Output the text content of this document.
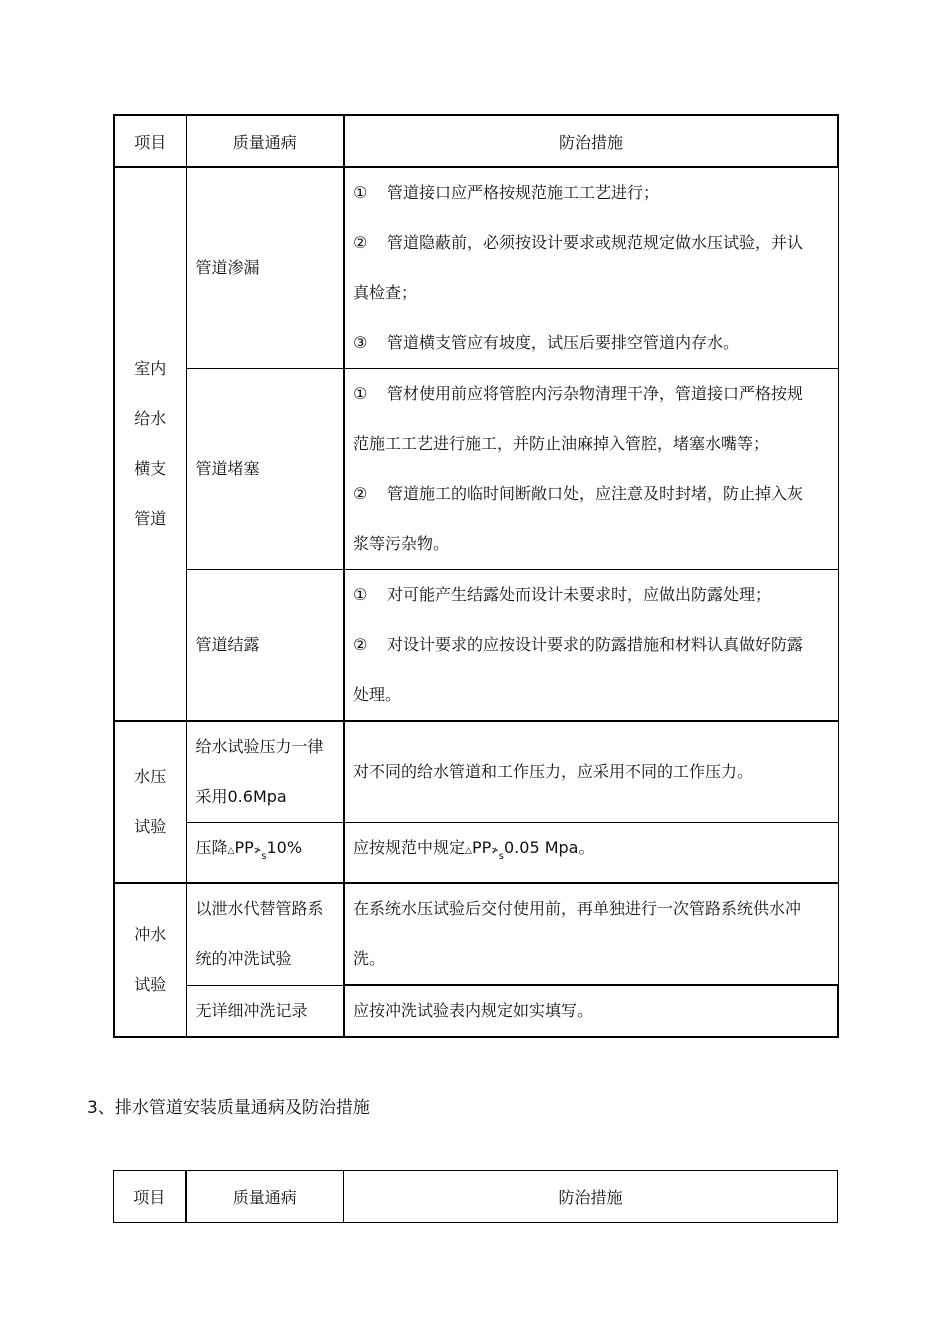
项目	质量通病	防治措施

室内
给水
横支
管道	管道渗漏	① 管道接口应严格按规范施工工艺进行；
② 管道隐蔽前，必须按设计要求或规范规定做水压试验，并认
真检查；
③ 管道横支管应有坡度，试压后要排空管道内存水。

	管道堵塞	① 管材使用前应将管腔内污杂物清理干净，管道接口严格按规
范施工工艺进行施工，并防止油麻掉入管腔，堵塞水嘴等；
② 管道施工的临时间断敞口处，应注意及时封堵，防止掉入灰
浆等污杂物。

	管道结露	① 对可能产生结露处而设计未要求时，应做出防露处理；
② 对设计要求的应按设计要求的防露措施和材料认真做好防露
处理。

水压
试验	给水试验压力一律
采用0.6Mpa	对不同的给水管道和工作压力，应采用不同的工作压力。
	压降$\triangle PP≯_s10\%$	应按规范中规定$\triangle PP≯_s0.05$ Mpa。

冲水
试验	以泄水代替管路系
统的冲洗试验	在系统水压试验后交付使用前，再单独进行一次管路系统供水冲
洗。

	无详细冲洗记录	应按冲洗试验表内规定如实填写。
3、排水管道安装质量通病及防治措施
项目	质量通病	防治措施
